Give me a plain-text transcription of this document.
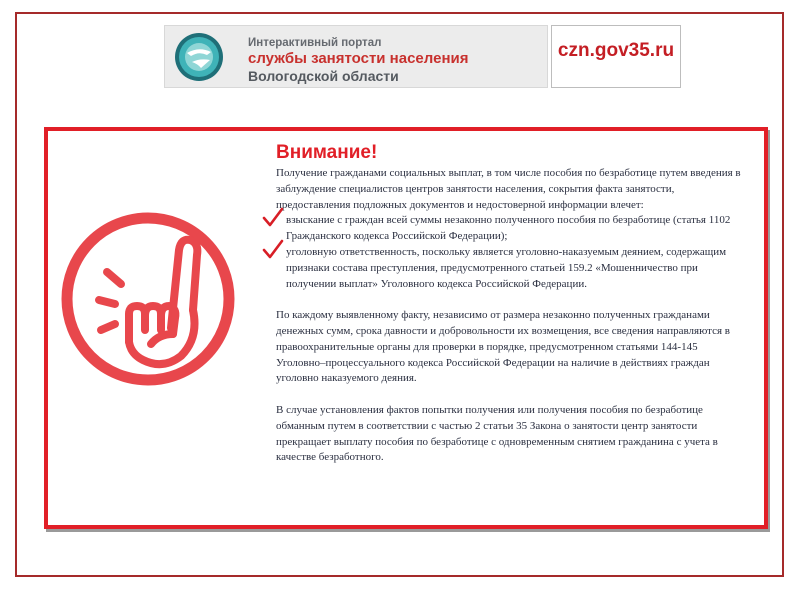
Интерактивный портал
службы занятости населения
Вологодской области
czn.gov35.ru
Внимание!

Получение гражданами социальных выплат, в том числе пособия по безработице путем введения в заблуждение специалистов центров занятости населения, сокрытия факта занятости, предоставления подложных документов и недостоверной информации влечет:

взыскание с граждан всей суммы незаконно полученного пособия по безработице (статья 1102 Гражданского кодекса Российской Федерации);
уголовную ответственность, поскольку является уголовно-наказуемым деянием, содержащим признаки состава преступления, предусмотренного статьей 159.2 «Мошенничество при получении выплат» Уголовного кодекса Российской Федерации.

По каждому выявленному факту, независимо от размера незаконно полученных гражданами денежных сумм, срока давности и добровольности их возмещения, все сведения направляются в правоохранительные органы для проверки в порядке, предусмотренном статьями 144-145 Уголовно–процессуального кодекса Российской Федерации на наличие в действиях граждан уголовно наказуемого деяния.

В случае установления фактов попытки получения или получения пособия по безработице обманным путем в соответствии с частью 2 статьи 35 Закона о занятости центр занятости прекращает выплату пособия по безработице с одновременным снятием гражданина с учета в качестве безработного.
